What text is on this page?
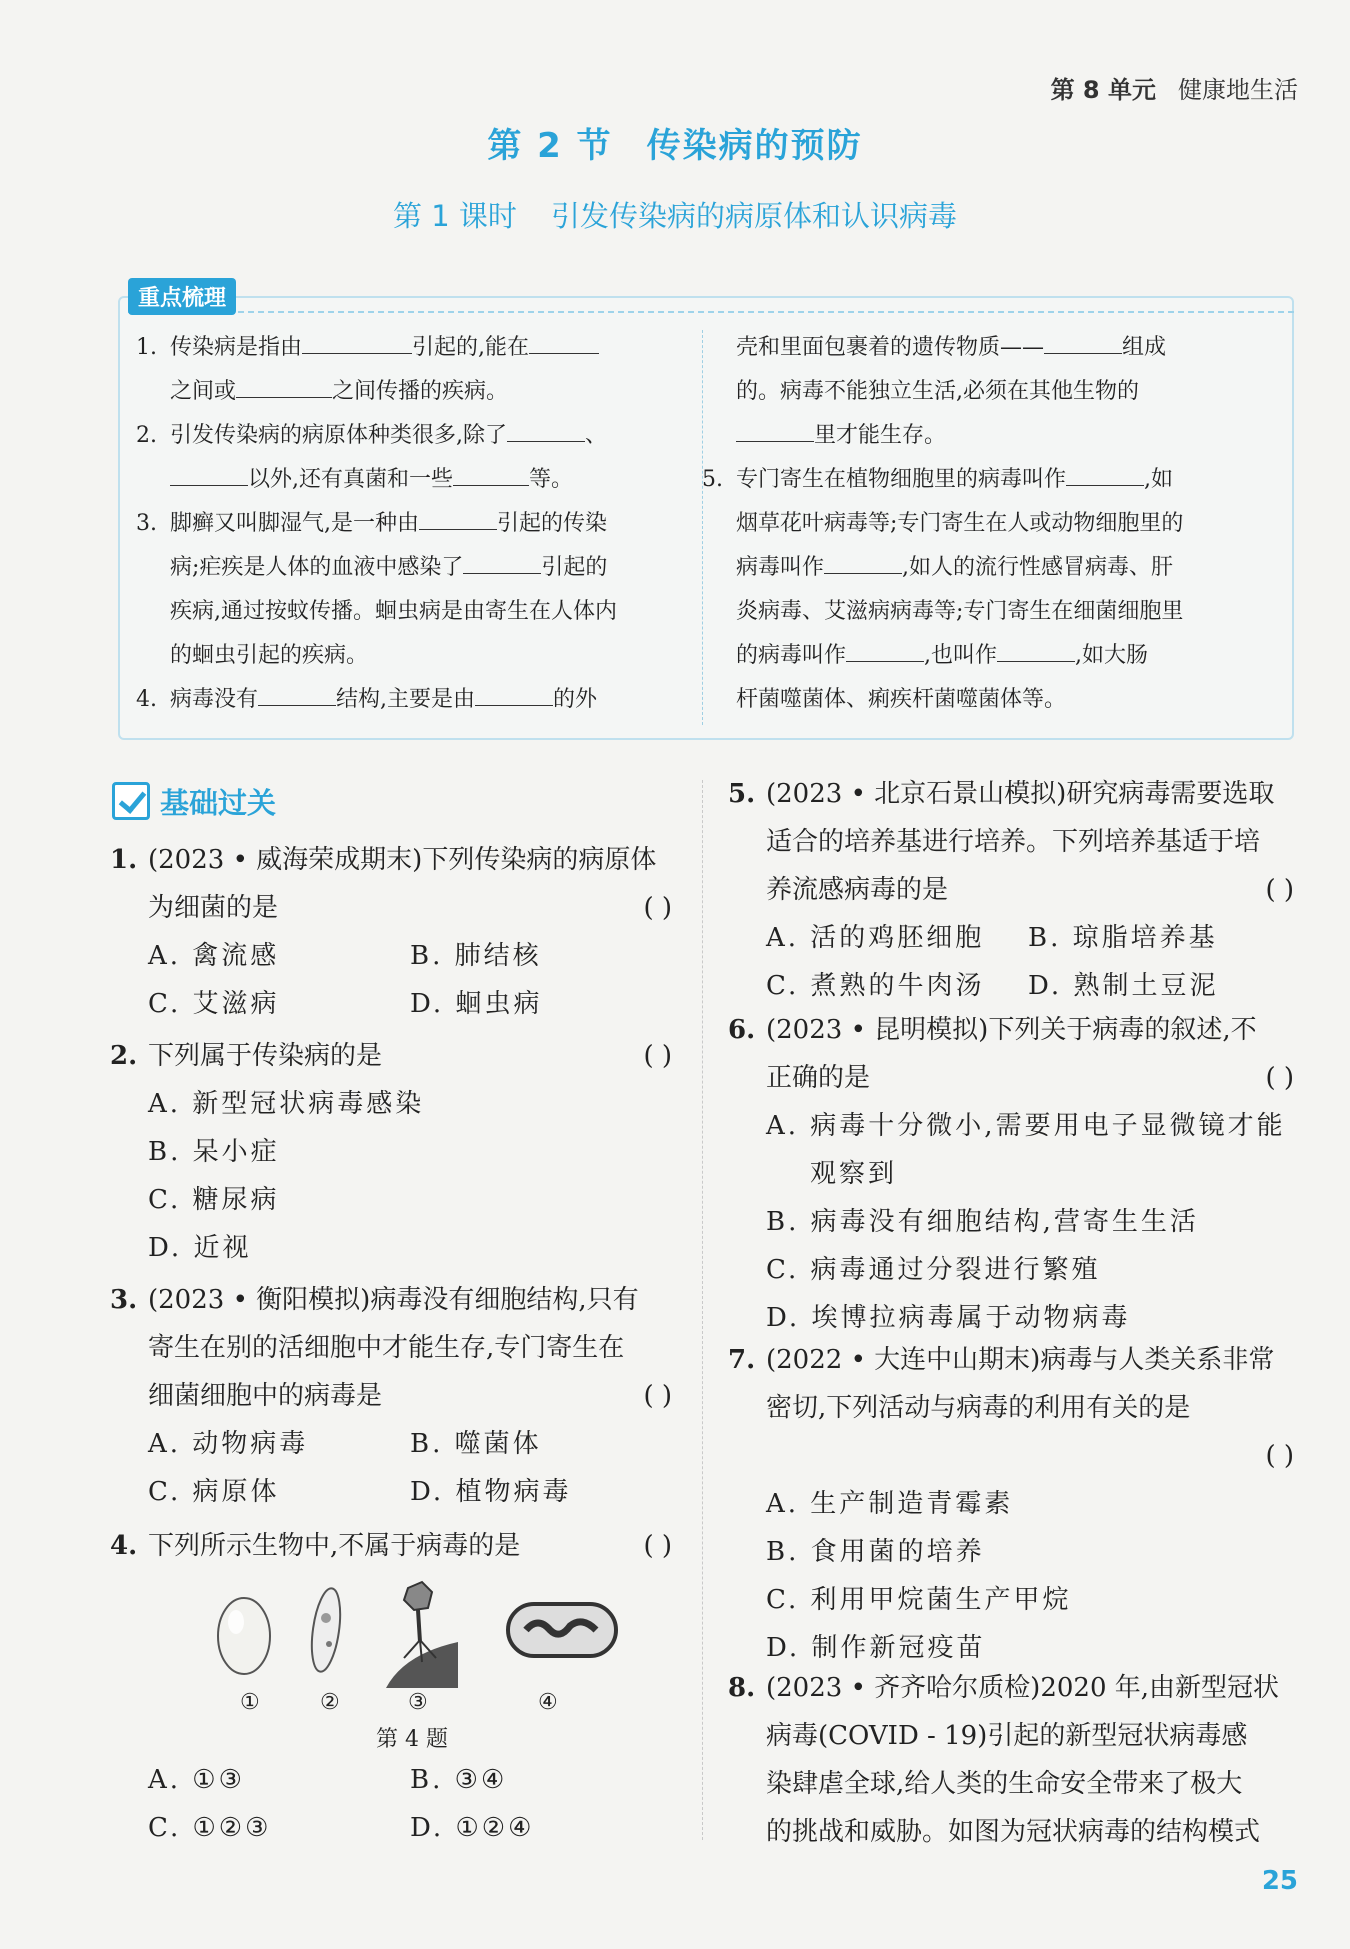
第 8 单元 健康地生活
第 2 节 传染病的预防
第 1 课时 引发传染病的病原体和认识病毒
重点梳理
1. 传染病是指由	引起的,能在
之间或	之间传播的疾病。
2. 引发传染病的病原体种类很多,除了	、
以外,还有真菌和一些	等。
3. 脚癣又叫脚湿气,是一种由	引起的传染
病;疟疾是人体的血液中感染了	引起的
疾病,通过按蚊传播。蛔虫病是由寄生在人体内
的蛔虫引起的疾病。
4. 病毒没有	结构,主要是由	的外
壳和里面包裹着的遗传物质——	组成
的。病毒不能独立生活,必须在其他生物的
里才能生存。
5. 专门寄生在植物细胞里的病毒叫作	,如
烟草花叶病毒等;专门寄生在人或动物细胞里的
病毒叫作	,如人的流行性感冒病毒、肝
炎病毒、艾滋病病毒等;专门寄生在细菌细胞里
的病毒叫作	,也叫作	,如大肠
杆菌噬菌体、痢疾杆菌噬菌体等。
基础过关
1. (2023 • 威海荣成期末)下列传染病的病原体
为细菌的是	( )
A. 禽流感	B. 肺结核
C. 艾滋病	D. 蛔虫病
2. 下列属于传染病的是	( )
A. 新型冠状病毒感染
B. 呆小症
C. 糖尿病
D. 近视
3. (2023 • 衡阳模拟)病毒没有细胞结构,只有
寄生在别的活细胞中才能生存,专门寄生在
细菌细胞中的病毒是	( )
A. 动物病毒	B. 噬菌体
C. 病原体	D. 植物病毒
4. 下列所示生物中,不属于病毒的是	( )
①	②	③	④
第 4 题
A. ①③	B. ③④
C. ①②③	D. ①②④
5. (2023 • 北京石景山模拟)研究病毒需要选取
适合的培养基进行培养。下列培养基适于培
养流感病毒的是	( )
A. 活的鸡胚细胞	B. 琼脂培养基
C. 煮熟的牛肉汤	D. 熟制土豆泥
6. (2023 • 昆明模拟)下列关于病毒的叙述,不
正确的是	( )
A. 病毒十分微小,需要用电子显微镜才能
观察到
B. 病毒没有细胞结构,营寄生生活
C. 病毒通过分裂进行繁殖
D. 埃博拉病毒属于动物病毒
7. (2022 • 大连中山期末)病毒与人类关系非常
密切,下列活动与病毒的利用有关的是
( )
A. 生产制造青霉素
B. 食用菌的培养
C. 利用甲烷菌生产甲烷
D. 制作新冠疫苗
8. (2023 • 齐齐哈尔质检)2020 年,由新型冠状
病毒(COVID - 19)引起的新型冠状病毒感
染肆虐全球,给人类的生命安全带来了极大
的挑战和威胁。如图为冠状病毒的结构模式
25
